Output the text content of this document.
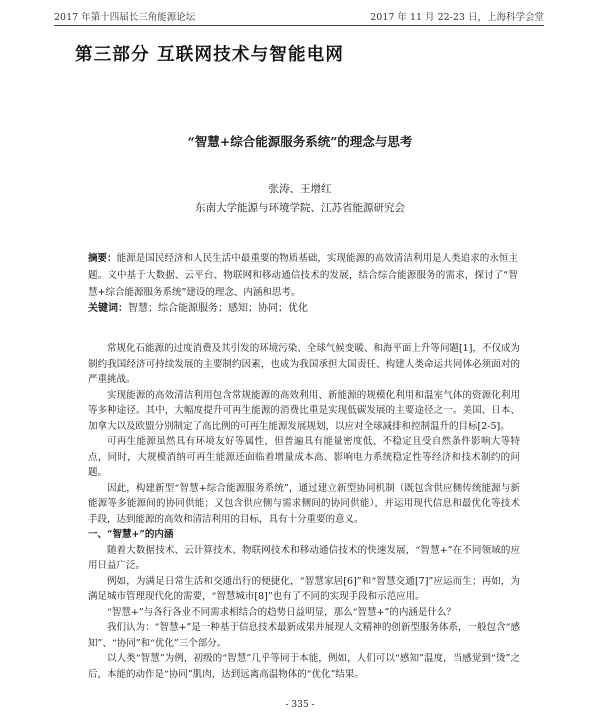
2017 年第十四届长三角能源论坛	2017 年 11 月 22-23 日，上海科学会堂
第三部分 互联网技术与智能电网
“智慧+综合能源服务系统”的理念与思考
张涛、王增红
东南大学能源与环境学院、江苏省能源研究会
摘要：能源是国民经济和人民生活中最重要的物质基础，实现能源的高效清洁利用是人类追求的永恒主题。文中基于大数据、云平台、物联网和移动通信技术的发展，结合综合能源服务的需求，探讨了“智慧+综合能源服务系统”建设的理念、内涵和思考。
关键词：智慧；综合能源服务；感知；协同；优化

常规化石能源的过度消费及其引发的环境污染、全球气候变暖、和海平面上升等问题[1]，不仅成为制约我国经济可持续发展的主要制约因素，也成为我国承担大国责任、构建人类命运共同体必须面对的严重挑战。

实现能源的高效清洁利用包含常规能源的高效利用、新能源的规模化利用和温室气体的资源化利用等多种途径。其中，大幅度提升可再生能源的消费比重是实现低碳发展的主要途径之一。美国、日本、加拿大以及欧盟分别制定了高比例的可再生能源发展规划，以应对全球减排和控制温升的目标[2-5]。

可再生能源虽然具有环境友好等属性，但普遍具有能量密度低、不稳定且受自然条件影响大等特点，同时，大规模消纳可再生能源还面临着增量成本高、影响电力系统稳定性等经济和技术制约的问题。

因此，构建新型“智慧+综合能源服务系统”，通过建立新型协同机制（既包含供应侧传统能源与新能源等多能源间的协同供能；又包含供应侧与需求侧间的协同供能），并运用现代信息和最优化等技术手段，达到能源的高效和清洁利用的目标，具有十分重要的意义。

一、“智慧+”的内涵

随着大数据技术、云计算技术、物联网技术和移动通信技术的快速发展，“智慧+”在不同领域的应用日益广泛。

例如，为满足日常生活和交通出行的便捷化，“智慧家居[6]”和“智慧交通[7]”应运而生；再如，为满足城市管理现代化的需要，“智慧城市[8]”也有了不同的实现手段和示范应用。

“智慧+”与各行各业不同需求相结合的趋势日益明显，那么“智慧+”的内涵是什么？

我们认为：“智慧+”是一种基于信息技术最新成果并展现人文精神的创新型服务体系，一般包含“感知”、“协同”和“优化”三个部分。

以人类“智慧”为例，初级的“智慧”几乎等同于本能，例如，人们可以“感知”温度，当感觉到“烫”之后，本能的动作是“协同”肌肉，达到远离高温物体的“优化”结果。

- 335 -
